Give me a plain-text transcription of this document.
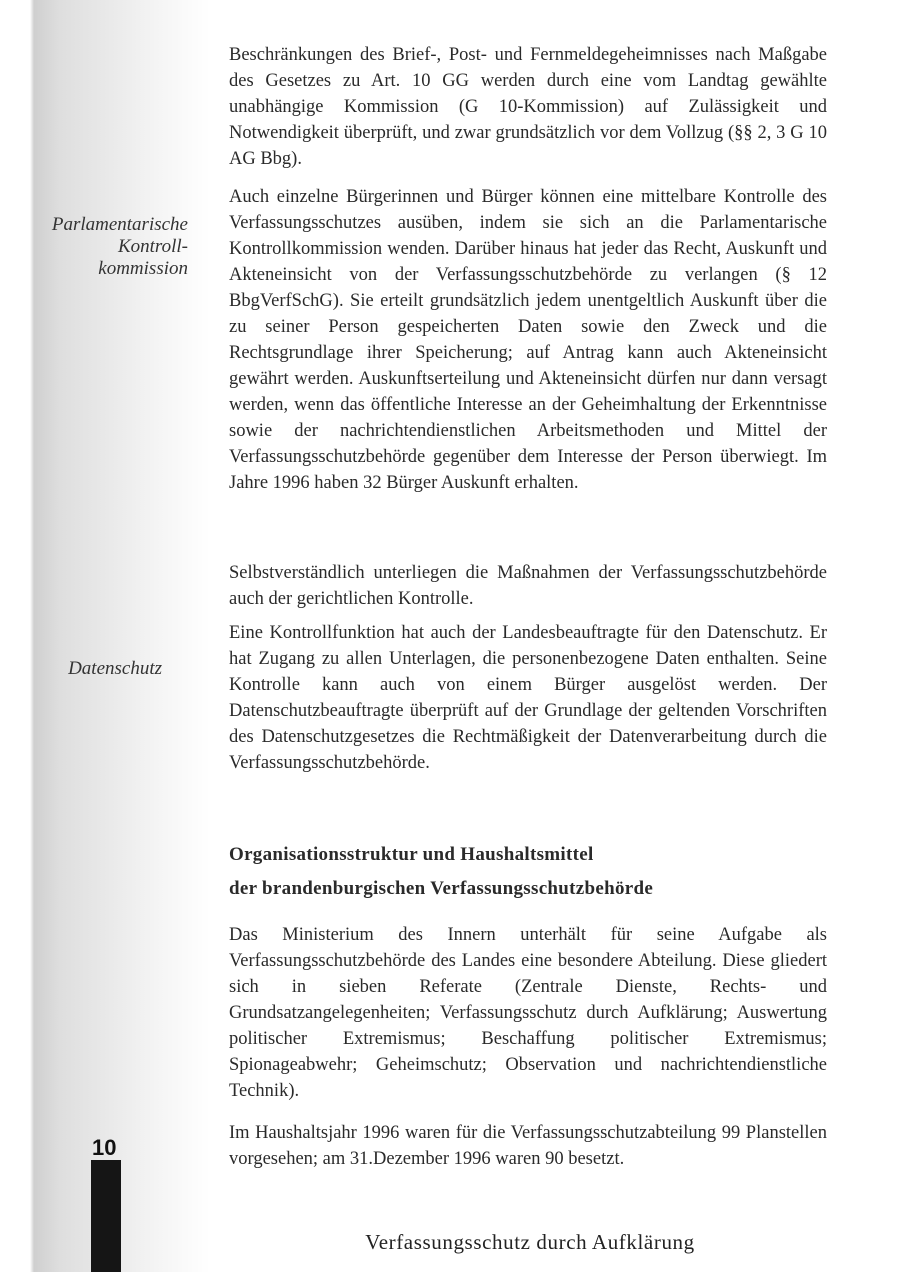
Parlamentarische
Kontroll-
kommission
Datenschutz

Beschränkungen des Brief-, Post- und Fernmeldegeheimnisses nach Maßgabe des Gesetzes zu Art. 10 GG werden durch eine vom Landtag gewählte unabhängige Kommission (G 10-Kommission) auf Zulässigkeit und Notwendigkeit überprüft, und zwar grundsätzlich vor dem Vollzug (§§ 2, 3 G 10 AG Bbg).

Auch einzelne Bürgerinnen und Bürger können eine mittelbare Kontrolle des Verfassungsschutzes ausüben, indem sie sich an die Parlamentarische Kontrollkommission wenden. Darüber hinaus hat jeder das Recht, Auskunft und Akteneinsicht von der Verfassungsschutzbehörde zu verlangen (§ 12 BbgVerfSchG). Sie erteilt grundsätzlich jedem unentgeltlich Auskunft über die zu seiner Person gespeicherten Daten sowie den Zweck und die Rechtsgrundlage ihrer Speicherung; auf Antrag kann auch Akteneinsicht gewährt werden. Auskunftserteilung und Akteneinsicht dürfen nur dann versagt werden, wenn das öffentliche Interesse an der Geheimhaltung der Erkenntnisse sowie der nachrichtendienstlichen Arbeitsmethoden und Mittel der Verfassungsschutzbehörde gegenüber dem Interesse der Person überwiegt. Im Jahre 1996 haben 32 Bürger Auskunft erhalten.

Selbstverständlich unterliegen die Maßnahmen der Verfassungsschutzbehörde auch der gerichtlichen Kontrolle.

Eine Kontrollfunktion hat auch der Landesbeauftragte für den Datenschutz. Er hat Zugang zu allen Unterlagen, die personenbezogene Daten enthalten. Seine Kontrolle kann auch von einem Bürger ausgelöst werden. Der Datenschutzbeauftragte überprüft auf der Grundlage der geltenden Vorschriften des Datenschutzgesetzes die Rechtmäßigkeit der Datenverarbeitung durch die Verfassungsschutzbehörde.

Organisationsstruktur und Haushaltsmittel
der brandenburgischen Verfassungsschutzbehörde

Das Ministerium des Innern unterhält für seine Aufgabe als Verfassungsschutzbehörde des Landes eine besondere Abteilung. Diese gliedert sich in sieben Referate (Zentrale Dienste, Rechts- und Grundsatzangelegenheiten; Verfassungsschutz durch Aufklärung; Auswertung politischer Extremismus; Beschaffung politischer Extremismus; Spionageabwehr; Geheimschutz; Observation und nachrichtendienstliche Technik).

Im Haushaltsjahr 1996 waren für die Verfassungsschutzabteilung 99 Planstellen vorgesehen; am 31.Dezember 1996 waren 90 besetzt.

10
Verfassungsschutz durch Aufklärung
